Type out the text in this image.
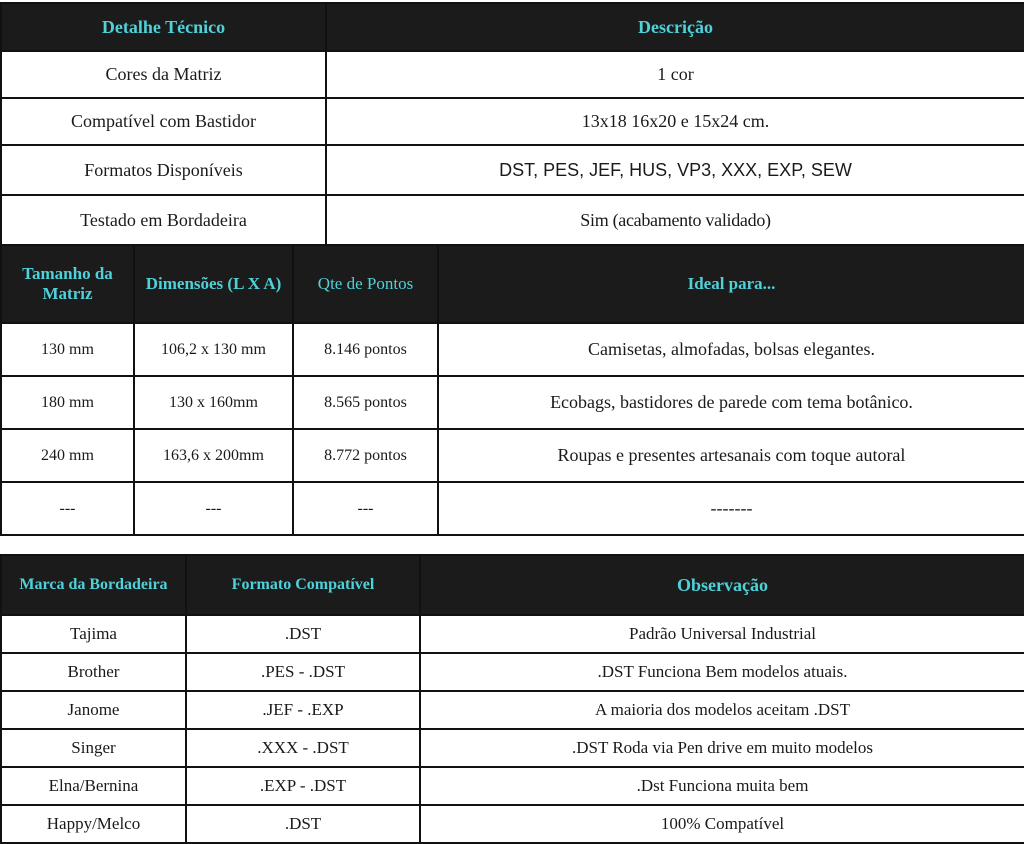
Detalhe Técnico	Descrição
Cores da Matriz	1 cor
Compatível com Bastidor	13x18 16x20 e 15x24 cm.
Formatos Disponíveis	DST, PES, JEF, HUS, VP3, XXX, EXP, SEW
Testado em Bordadeira	Sim (acabamento validado)
Tamanho da Matriz	Dimensões (L X A)	Qte de Pontos	Ideal para...
130 mm	106,2 x 130 mm	8.146 pontos	Camisetas, almofadas, bolsas elegantes.
180 mm	130 x 160mm	8.565 pontos	Ecobags, bastidores de parede com tema botânico.
240 mm	163,6 x 200mm	8.772 pontos	Roupas e presentes artesanais com toque autoral
---	---	---	-------
Marca da Bordadeira	Formato Compatível	Observação
Tajima	.DST	Padrão Universal Industrial
Brother	.PES - .DST	.DST Funciona Bem modelos atuais.
Janome	.JEF - .EXP	A maioria dos modelos aceitam .DST
Singer	.XXX - .DST	.DST Roda via Pen drive em muito modelos
Elna/Bernina	.EXP - .DST	.Dst Funciona muita bem
Happy/Melco	.DST	100% Compatível
